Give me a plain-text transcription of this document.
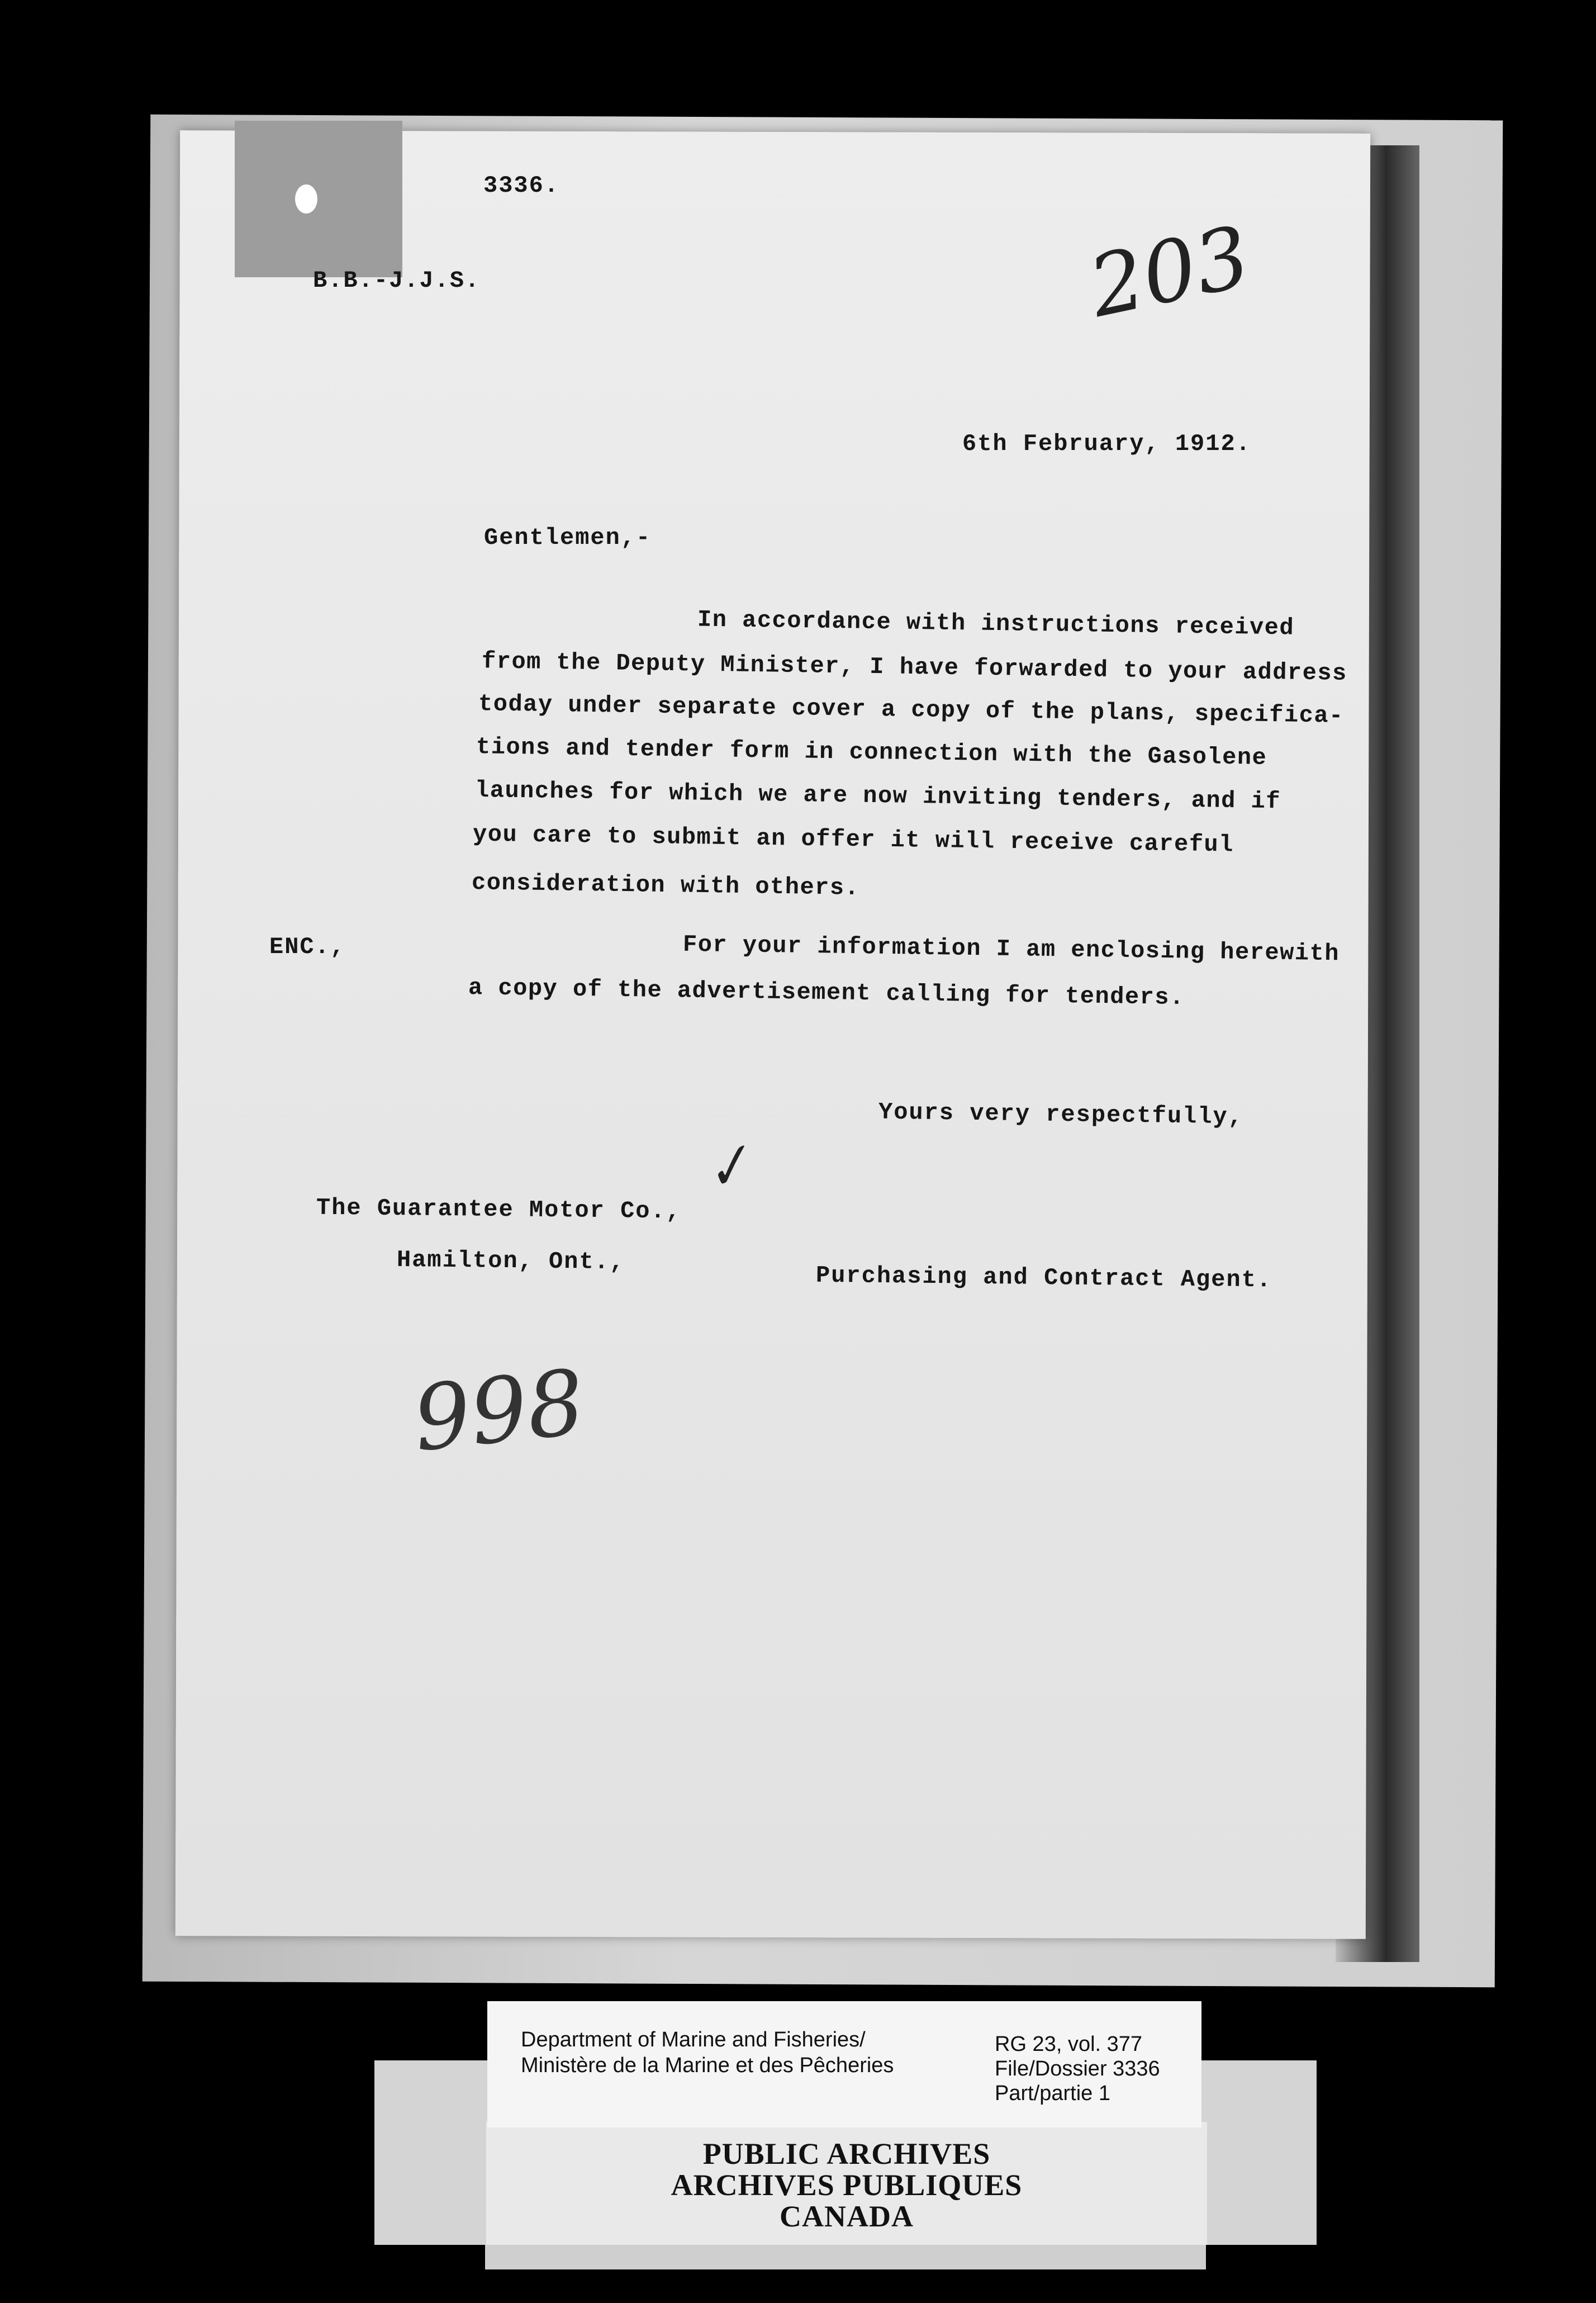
3336.
B.B.-J.J.S.	203
6th February, 1912.
Gentlemen,-
In accordance with instructions received
from the Deputy Minister, I have forwarded to your address
today under separate cover a copy of the plans, specifica-
tions and tender form in connection with the Gasolene
launches for which we are now inviting tenders, and if
you care to submit an offer it will receive careful
consideration with others.
ENC.,	For your information I am enclosing herewith
a copy of the advertisement calling for tenders.
Yours very respectfully,
✓
The Guarantee Motor Co.,
Hamilton, Ont.,
Purchasing and Contract Agent.
998
PUBLIC ARCHIVES
ARCHIVES PUBLIQUES
CANADA
Department of Marine and Fisheries/
Ministère de la Marine et des Pêcheries
RG 23, vol. 377
File/Dossier 3336
Part/partie 1
